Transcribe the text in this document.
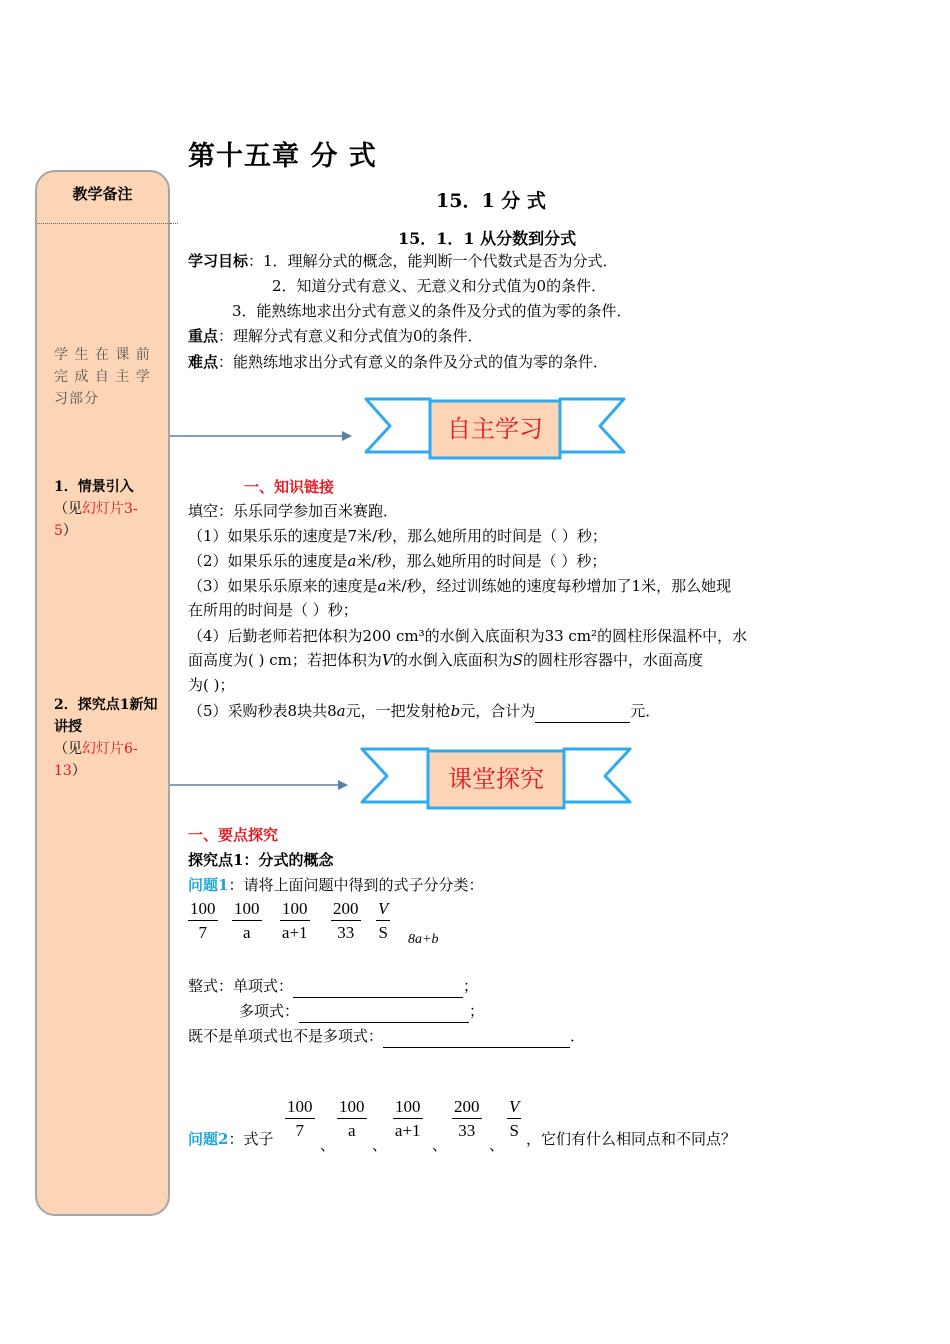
第十五章 分 式
教学备注
学 生 在 课 前 完 成 自 主 学 习部分
1．情景引入
（见幻灯片3-5）
2．探究点1新知讲授
（见幻灯片6-13）
15．1 分 式
15．1．1 从分数到分式
学习目标：1．理解分式的概念，能判断一个代数式是否为分式．
2．知道分式有意义、无意义和分式值为0的条件．
3．能熟练地求出分式有意义的条件及分式的值为零的条件．
重点：理解分式有意义和分式值为0的条件．
难点：能熟练地求出分式有意义的条件及分式的值为零的条件．
自主学习
一、知识链接
填空：乐乐同学参加百米赛跑．
（1）如果乐乐的速度是7米/秒，那么她所用的时间是（ ）秒；
（2）如果乐乐的速度是a米/秒，那么她所用的时间是（ ）秒；
（3）如果乐乐原来的速度是a米/秒，经过训练她的速度每秒增加了1米，那么她现
在所用的时间是（ ）秒；
（4）后勤老师若把体积为200 cm³的水倒入底面积为33 cm²的圆柱形保温杯中，水
面高度为( ) cm；若把体积为V的水倒入底面积为S的圆柱形容器中，水面高度
为( )；
（5）采购秒表8块共8a元，一把发射枪b元，合计为	元．
课堂探究
一、要点探究
探究点1：分式的概念
问题1：请将上面问题中得到的式子分分类：
$\frac{100}{7} \frac{100}{a} \frac{100}{a+1} \frac{200}{33} \frac{V}{S} 8a+b$
整式：单项式：	；
多项式：	；
既不是单项式也不是多项式：	．
问题2：式子 $\frac{100}{7}$
、
$\frac{100}{a}$
、
$\frac{100}{a+1}$
、
$\frac{200}{33}$
、
$\frac{V}{S}$ ，它们有什么相同点和不同点？
